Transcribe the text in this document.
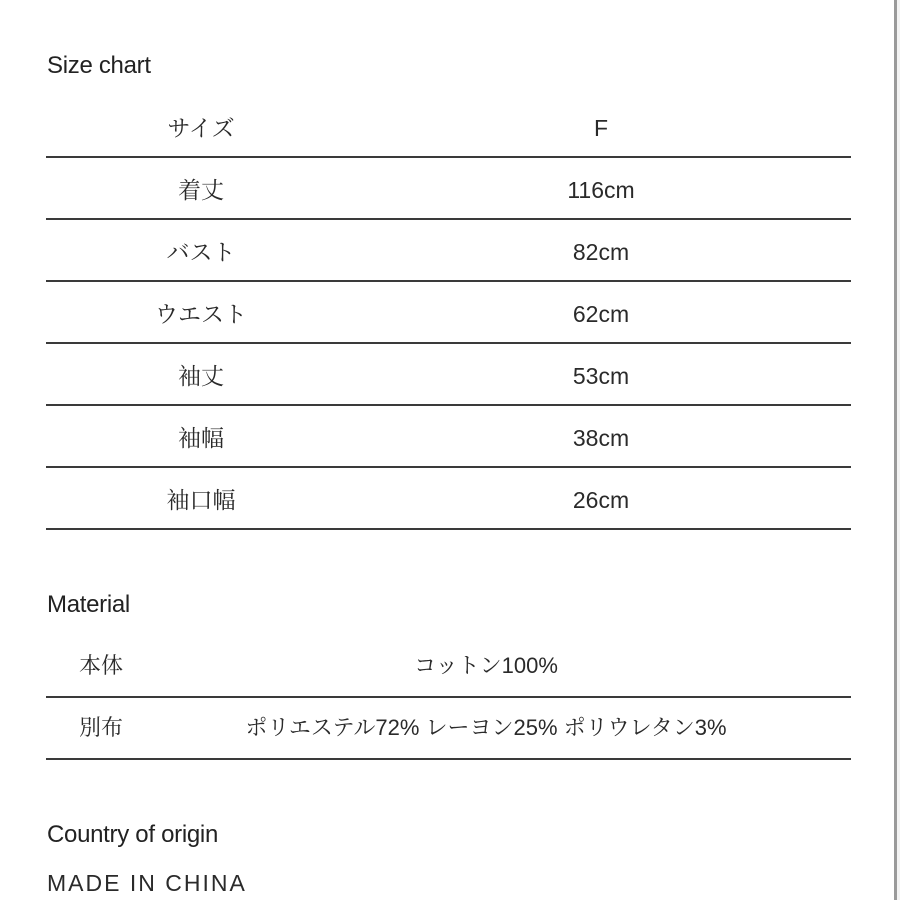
Size chart
サイズ	F
着丈	116cm
バスト	82cm
ウエスト	62cm
袖丈	53cm
袖幅	38cm
袖口幅	26cm
Material
本体	コットン100%
別布	ポリエステル72% レーヨン25% ポリウレタン3%
Country of origin
MADE IN CHINA
